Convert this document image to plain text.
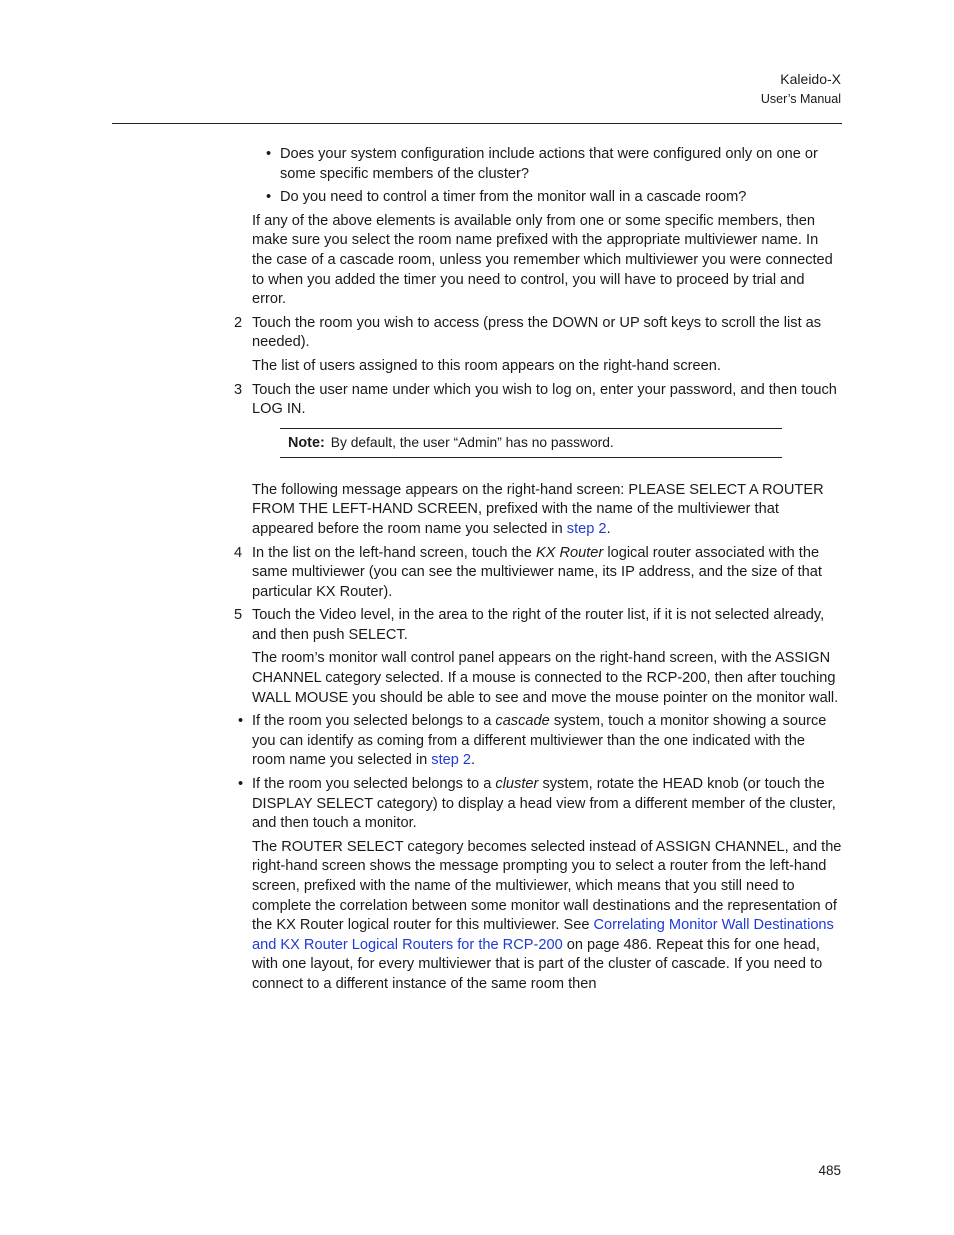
Kaleido-X
User’s Manual
• Does your system configuration include actions that were configured only on one or some specific members of the cluster?
• Do you need to control a timer from the monitor wall in a cascade room?

If any of the above elements is available only from one or some specific members, then make sure you select the room name prefixed with the appropriate multiviewer name. In the case of a cascade room, unless you remember which multiviewer you were connected to when you added the timer you need to control, you will have to proceed by trial and error.

2 Touch the room you wish to access (press the DOWN or UP soft keys to scroll the list as needed).

The list of users assigned to this room appears on the right-hand screen.

3 Touch the user name under which you wish to log on, enter your password, and then touch LOG IN.
Note: By default, the user “Admin” has no password.

The following message appears on the right-hand screen: PLEASE SELECT A ROUTER FROM THE LEFT-HAND SCREEN, prefixed with the name of the multiviewer that appeared before the room name you selected in step 2.

4 In the list on the left-hand screen, touch the KX Router logical router associated with the same multiviewer (you can see the multiviewer name, its IP address, and the size of that particular KX Router).
5 Touch the Video level, in the area to the right of the router list, if it is not selected already, and then push SELECT.

The room’s monitor wall control panel appears on the right-hand screen, with the ASSIGN CHANNEL category selected. If a mouse is connected to the RCP-200, then after touching WALL MOUSE you should be able to see and move the mouse pointer on the monitor wall.

• If the room you selected belongs to a cascade system, touch a monitor showing a source you can identify as coming from a different multiviewer than the one indicated with the room name you selected in step 2.
• If the room you selected belongs to a cluster system, rotate the HEAD knob (or touch the DISPLAY SELECT category) to display a head view from a different member of the cluster, and then touch a monitor.

The ROUTER SELECT category becomes selected instead of ASSIGN CHANNEL, and the right-hand screen shows the message prompting you to select a router from the left-hand screen, prefixed with the name of the multiviewer, which means that you still need to complete the correlation between some monitor wall destinations and the representation of the KX Router logical router for this multiviewer. See Correlating Monitor Wall Destinations and KX Router Logical Routers for the RCP-200 on page 486. Repeat this for one head, with one layout, for every multiviewer that is part of the cluster of cascade. If you need to connect to a different instance of the same room then

485
